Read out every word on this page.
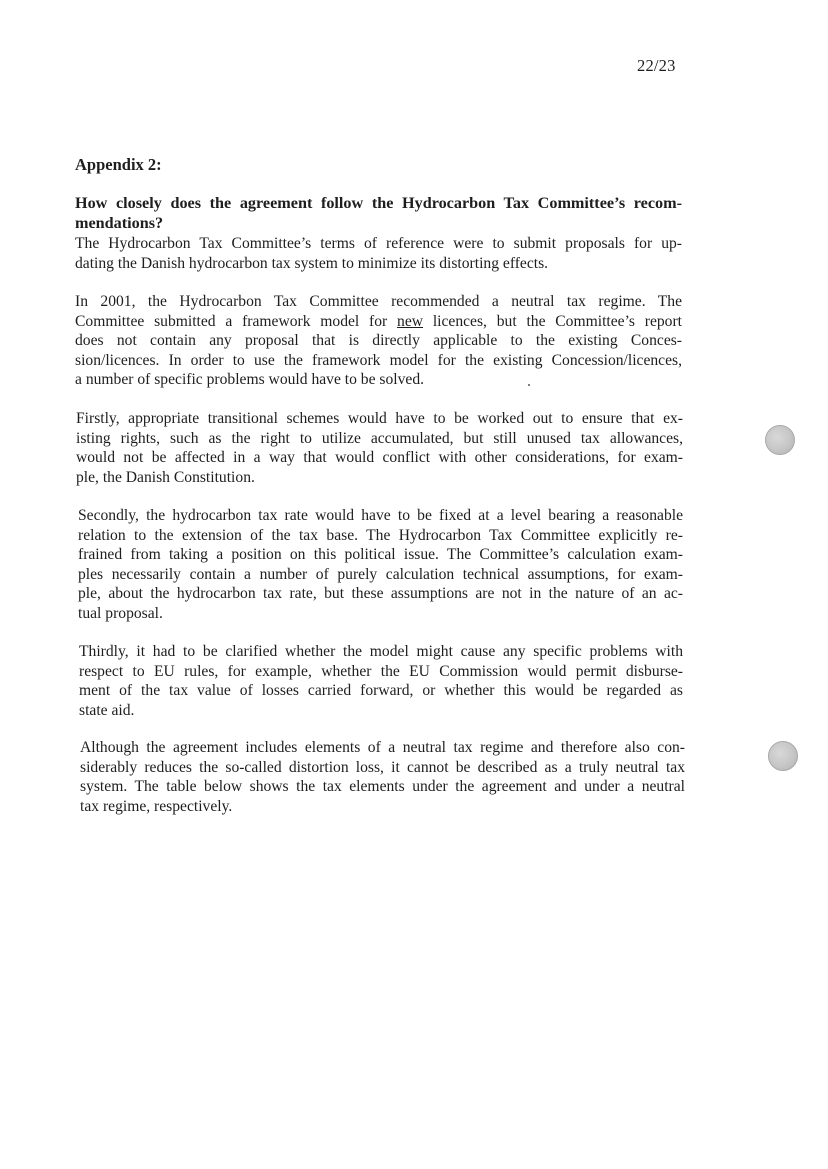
22/23
Appendix 2:
How closely does the agreement follow the Hydrocarbon Tax Committee’s recom-
mendations?
The Hydrocarbon Tax Committee’s terms of reference were to submit proposals for up-
dating the Danish hydrocarbon tax system to minimize its distorting effects.
In 2001, the Hydrocarbon Tax Committee recommended a neutral tax regime. The
Committee submitted a framework model for new licences, but the Committee’s report
does not contain any proposal that is directly applicable to the existing Conces-
sion/licences. In order to use the framework model for the existing Concession/licences,
a number of specific problems would have to be solved.
Firstly, appropriate transitional schemes would have to be worked out to ensure that ex-
isting rights, such as the right to utilize accumulated, but still unused tax allowances,
would not be affected in a way that would conflict with other considerations, for exam-
ple, the Danish Constitution.
Secondly, the hydrocarbon tax rate would have to be fixed at a level bearing a reasonable
relation to the extension of the tax base. The Hydrocarbon Tax Committee explicitly re-
frained from taking a position on this political issue. The Committee’s calculation exam-
ples necessarily contain a number of purely calculation technical assumptions, for exam-
ple, about the hydrocarbon tax rate, but these assumptions are not in the nature of an ac-
tual proposal.
Thirdly, it had to be clarified whether the model might cause any specific problems with
respect to EU rules, for example, whether the EU Commission would permit disburse-
ment of the tax value of losses carried forward, or whether this would be regarded as
state aid.
Although the agreement includes elements of a neutral tax regime and therefore also con-
siderably reduces the so-called distortion loss, it cannot be described as a truly neutral tax
system. The table below shows the tax elements under the agreement and under a neutral
tax regime, respectively.
